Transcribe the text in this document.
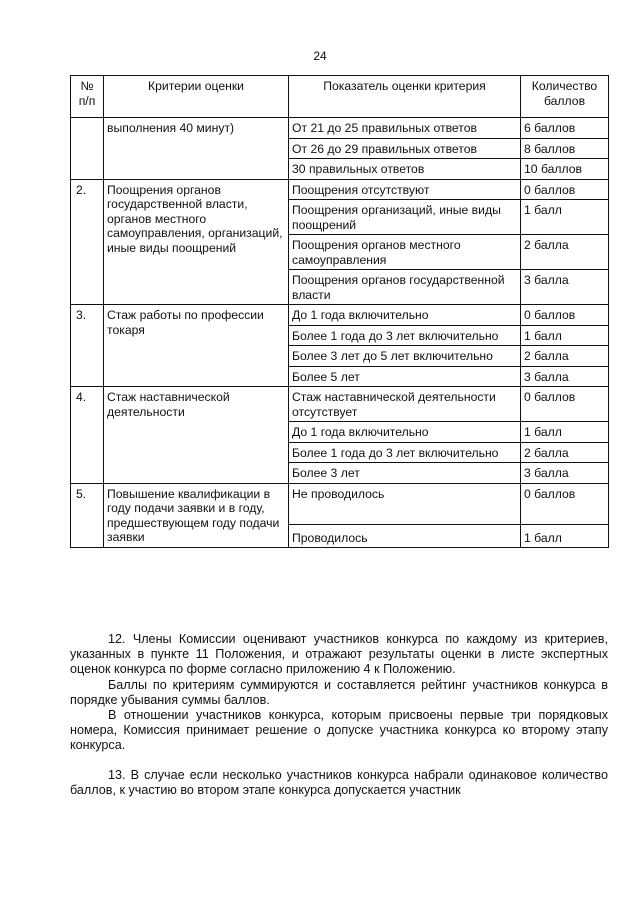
24
№ п/п	Критерии оценки	Показатель оценки критерия	Количество баллов
	выполнения 40 минут)	От 21 до 25 правильных ответов	6 баллов
		От 26 до 29 правильных ответов	8 баллов
		30 правильных ответов	10 баллов
2.	Поощрения органов государственной власти, органов местного самоуправления, организаций, иные виды поощрений	Поощрения отсутствуют	0 баллов
		Поощрения организаций, иные виды поощрений	1 балл
		Поощрения органов местного самоуправления	2 балла
		Поощрения органов государственной власти	3 балла
3.	Стаж работы по профессии токаря	До 1 года включительно	0 баллов
		Более 1 года до 3 лет включительно	1 балл
		Более 3 лет до 5 лет включительно	2 балла
		Более 5 лет	3 балла
4.	Стаж наставнической деятельности	Стаж наставнической деятельности отсутствует	0 баллов
		До 1 года включительно	1 балл
		Более 1 года до 3 лет включительно	2 балла
		Более 3 лет	3 балла
5.	Повышение квалификации в году подачи заявки и в году, предшествующем году подачи заявки	Не проводилось	0 баллов
		Проводилось	1 балл

12. Члены Комиссии оценивают участников конкурса по каждому из критериев, указанных в пункте 11 Положения, и отражают результаты оценки в листе экспертных оценок конкурса по форме согласно приложению 4 к Положению.

Баллы по критериям суммируются и составляется рейтинг участников конкурса в порядке убывания суммы баллов.

В отношении участников конкурса, которым присвоены первые три порядковых номера, Комиссия принимает решение о допуске участника конкурса ко второму этапу конкурса.

13. В случае если несколько участников конкурса набрали одинаковое количество баллов, к участию во втором этапе конкурса допускается участник
